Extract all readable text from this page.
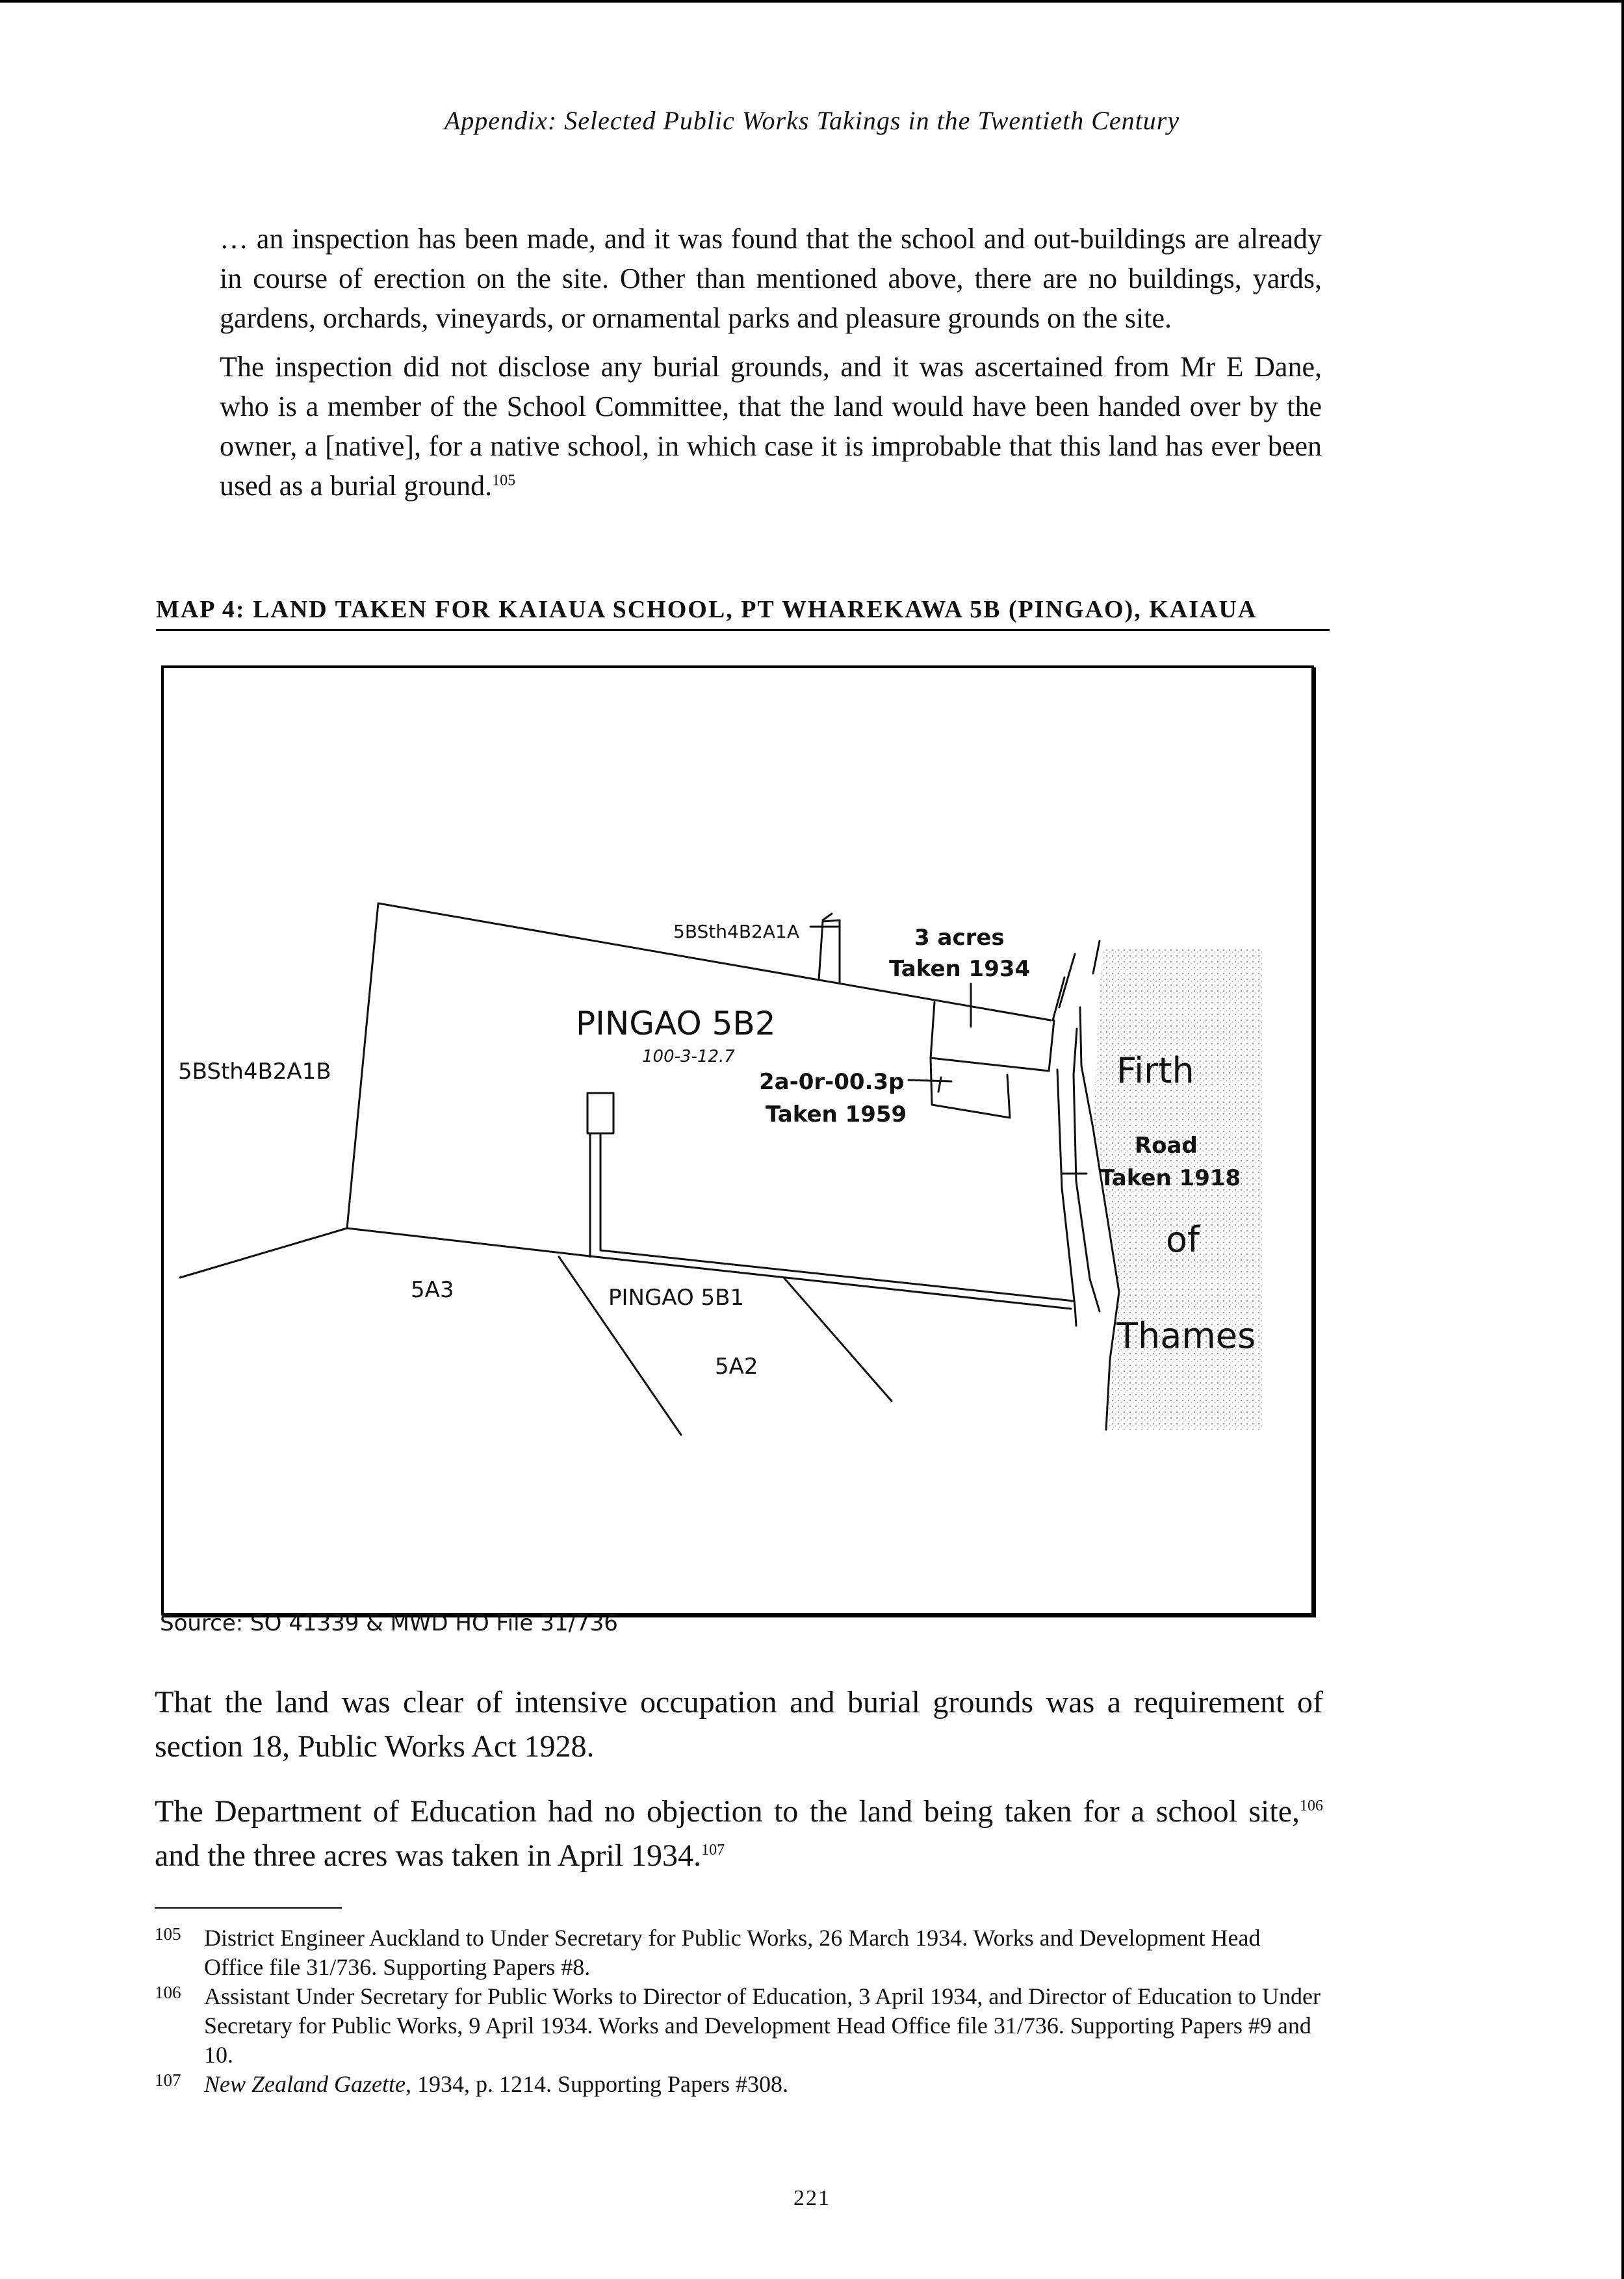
Appendix: Selected Public Works Takings in the Twentieth Century

… an inspection has been made, and it was found that the school and out-buildings are already in course of erection on the site. Other than mentioned above, there are no buildings, yards, gardens, orchards, vineyards, or ornamental parks and pleasure grounds on the site.

The inspection did not disclose any burial grounds, and it was ascertained from Mr E Dane, who is a member of the School Committee, that the land would have been handed over by the owner, a [native], for a native school, in which case it is improbable that this land has ever been used as a burial ground.$^{105}$

MAP 4: LAND TAKEN FOR KAIAUA SCHOOL, PT WHAREKAWA 5B (PINGAO), KAIAUA
5BSth4B2A1A	3 acres
Taken 1934
PINGAO 5B2
100-3-12.7
5BSth4B2A1B	2a-0r-00.3p
Taken 1959
Firth
Road
Taken 1918
of
Thames
5A3	PINGAO 5B1
5A2
Source: SO 41339 & MWD HO File 31/736
That the land was clear of intensive occupation and burial grounds was a requirement of section 18, Public Works Act 1928.
The Department of Education had no objection to the land being taken for a school site,$^{106}$ and the three acres was taken in April 1934.$^{107}$
105 District Engineer Auckland to Under Secretary for Public Works, 26 March 1934. Works and Development Head Office file 31/736. Supporting Papers #8.
106 Assistant Under Secretary for Public Works to Director of Education, 3 April 1934, and Director of Education to Under Secretary for Public Works, 9 April 1934. Works and Development Head Office file 31/736. Supporting Papers #9 and 10.
107 New Zealand Gazette, 1934, p. 1214. Supporting Papers #308.
221
